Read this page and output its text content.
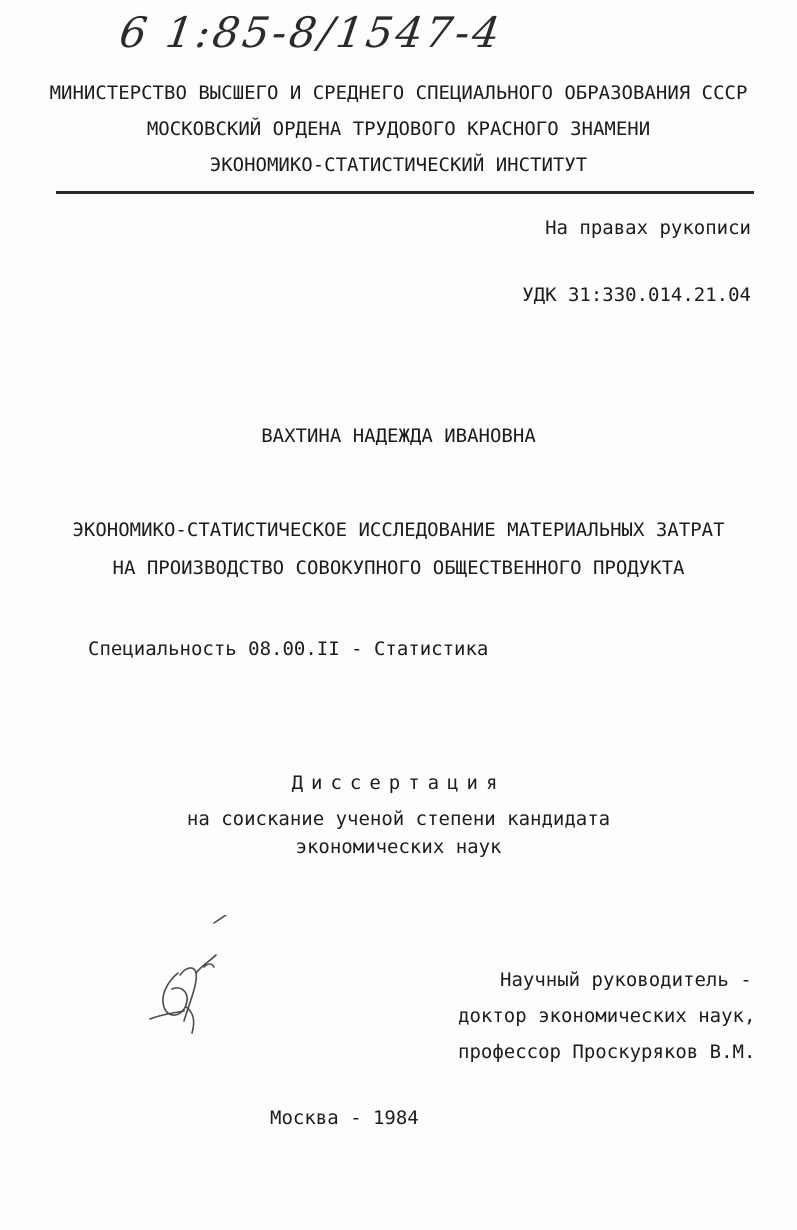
6 1:85-8/1547-4
МИНИСТЕРСТВО ВЫСШЕГО И СРЕДНЕГО СПЕЦИАЛЬНОГО ОБРАЗОВАНИЯ СССР
МОСКОВСКИЙ ОРДЕНА ТРУДОВОГО КРАСНОГО ЗНАМЕНИ
ЭКОНОМИКО-СТАТИСТИЧЕСКИЙ ИНСТИТУТ
На правах рукописи
УДК 31:330.014.21.04
ВАХТИНА НАДЕЖДА ИВАНОВНА
ЭКОНОМИКО-СТАТИСТИЧЕСКОЕ ИССЛЕДОВАНИЕ МАТЕРИАЛЬНЫХ ЗАТРАТ
НА ПРОИЗВОДСТВО СОВОКУПНОГО ОБЩЕСТВЕННОГО ПРОДУКТА
Специальность 08.00.II - Статистика
Диссертация
на соискание ученой степени кандидата
экономических наук
Научный руководитель -
доктор экономических наук,
профессор Проскуряков В.М.
Москва - 1984
